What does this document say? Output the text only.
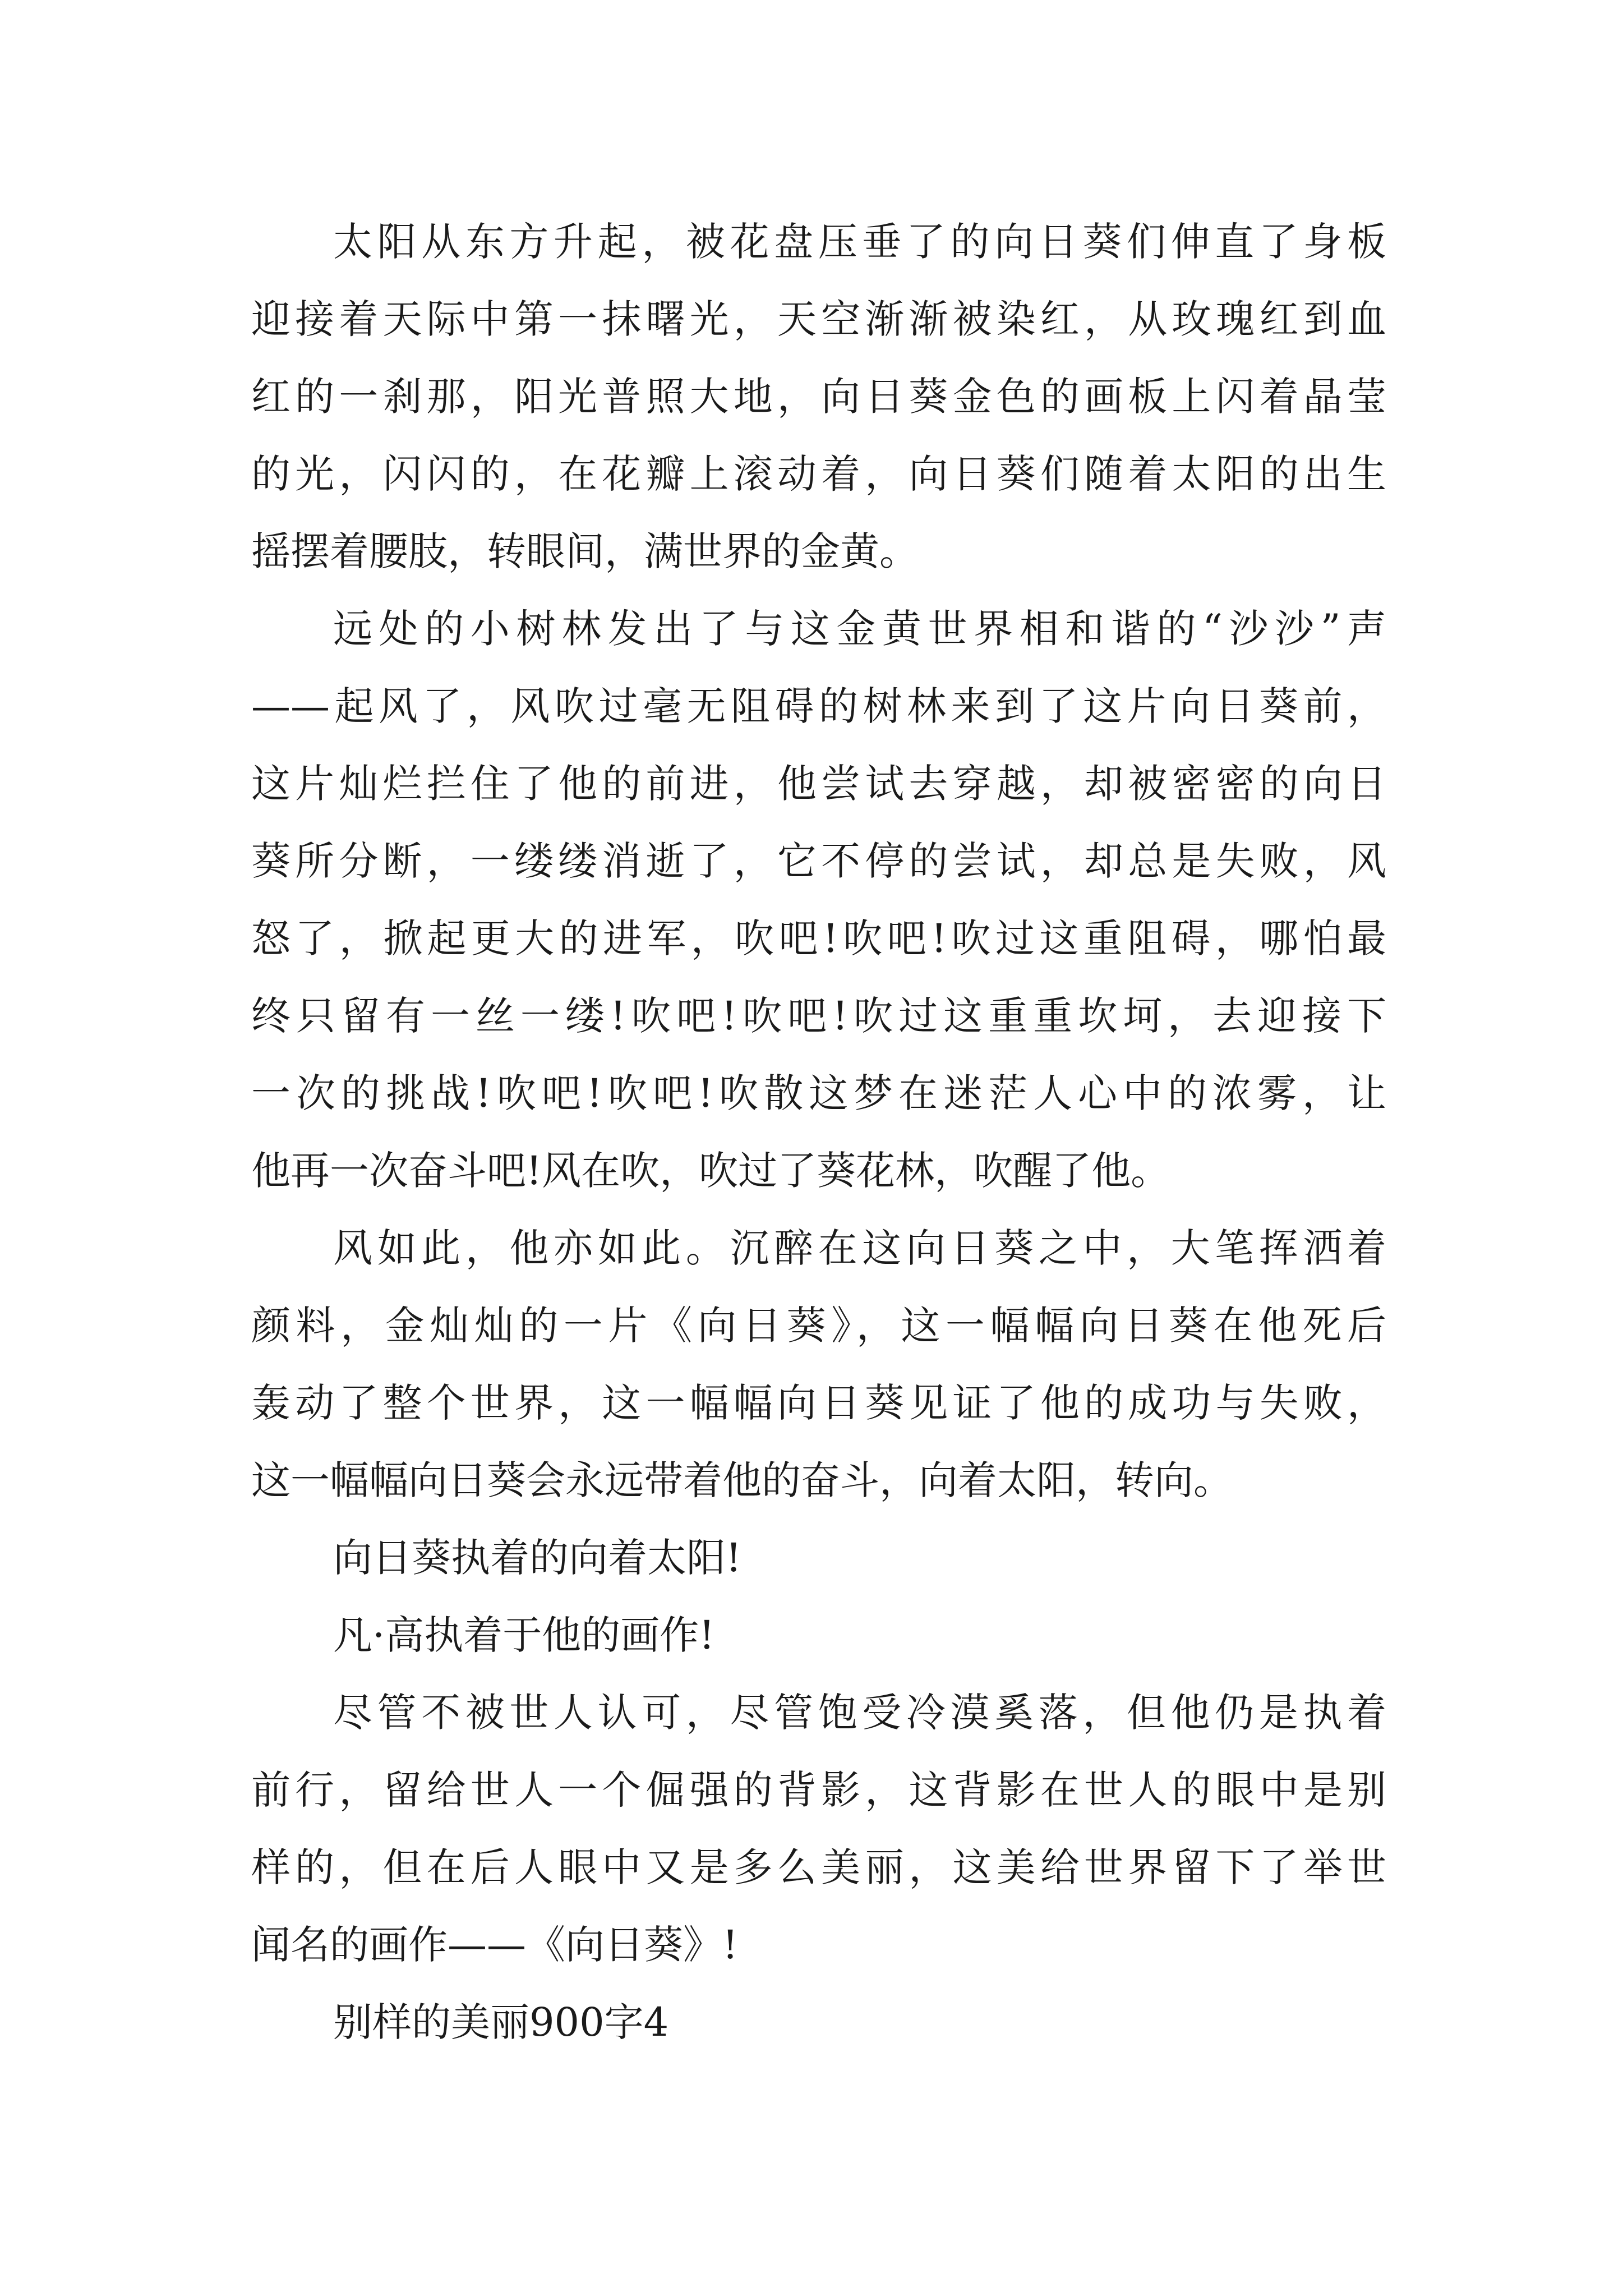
太阳从东方升起，被花盘压垂了的向日葵们伸直了身板
迎接着天际中第一抹曙光，天空渐渐被染红，从玫瑰红到血
红的一刹那，阳光普照大地，向日葵金色的画板上闪着晶莹
的光，闪闪的，在花瓣上滚动着，向日葵们随着太阳的出生
摇摆着腰肢，转眼间，满世界的金黄。
远处的小树林发出了与这金黄世界相和谐的“沙沙”声
——起风了，风吹过毫无阻碍的树林来到了这片向日葵前，
这片灿烂拦住了他的前进，他尝试去穿越，却被密密的向日
葵所分断，一缕缕消逝了，它不停的尝试，却总是失败，风
怒了，掀起更大的进军，吹吧!吹吧!吹过这重阻碍，哪怕最
终只留有一丝一缕!吹吧!吹吧!吹过这重重坎坷，去迎接下
一次的挑战!吹吧!吹吧!吹散这梦在迷茫人心中的浓雾，让
他再一次奋斗吧!风在吹，吹过了葵花林，吹醒了他。
风如此，他亦如此。沉醉在这向日葵之中，大笔挥洒着
颜料，金灿灿的一片《向日葵》，这一幅幅向日葵在他死后
轰动了整个世界，这一幅幅向日葵见证了他的成功与失败，
这一幅幅向日葵会永远带着他的奋斗，向着太阳，转向。
向日葵执着的向着太阳!
凡·高执着于他的画作!
尽管不被世人认可，尽管饱受冷漠奚落，但他仍是执着
前行，留给世人一个倔强的背影，这背影在世人的眼中是别
样的，但在后人眼中又是多么美丽，这美给世界留下了举世
闻名的画作——《向日葵》!
别样的美丽900字4
